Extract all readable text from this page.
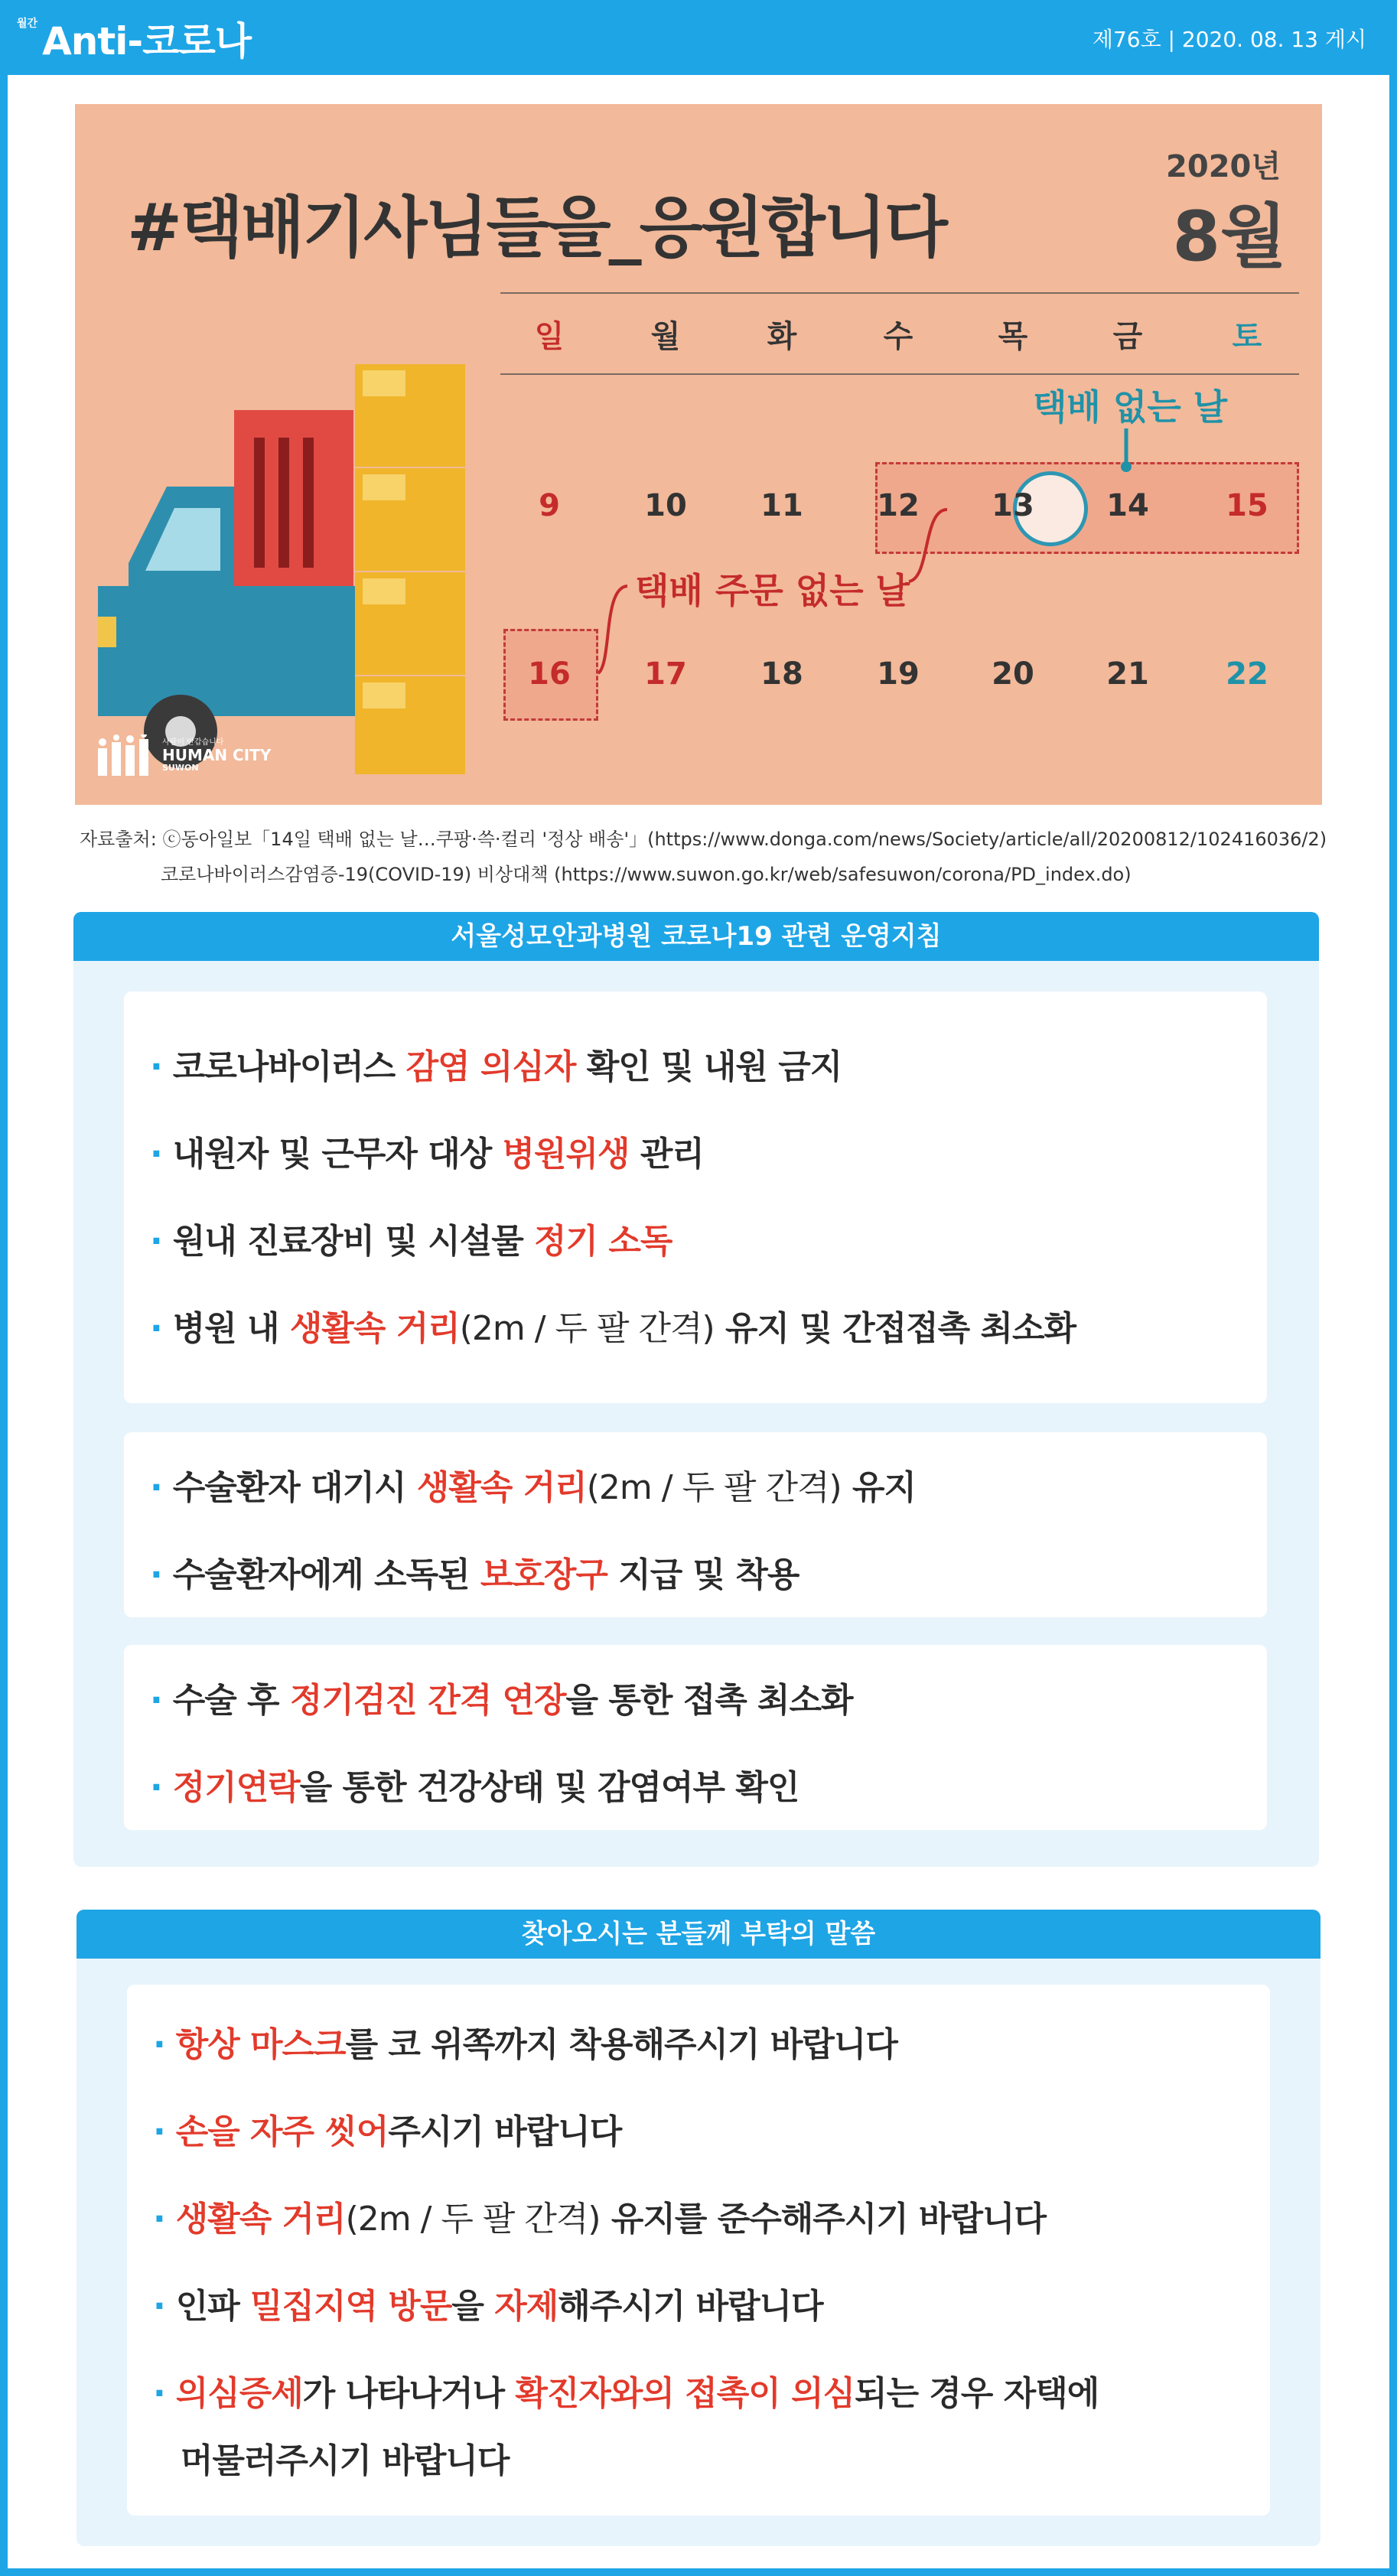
월간 Anti-코로나	제76호 | 2020. 08. 13 게시
#택배기사님들을_응원합니다
2020년
8월
일	월	화	수	목	금	토
9	10	11	12	13	14	15
16	17	18	19	20	21	22
택배 없는 날
택배 주문 없는 날
사람이 반갑습니다
HUMAN CITY
SUWON
자료출처: ⓒ동아일보「14일 택배 없는 날…쿠팡·쓱·컬리 '정상 배송'」(https://www.donga.com/news/Society/article/all/20200812/102416036/2)
코로나바이러스감염증-19(COVID-19) 비상대책 (https://www.suwon.go.kr/web/safesuwon/corona/PD_index.do)
서울성모안과병원 코로나19 관련 운영지침
· 코로나바이러스 감염 의심자 확인 및 내원 금지
· 내원자 및 근무자 대상 병원위생 관리
· 원내 진료장비 및 시설물 정기 소독
· 병원 내 생활속 거리(2m / 두 팔 간격) 유지 및 간접접촉 최소화
· 수술환자 대기시 생활속 거리(2m / 두 팔 간격) 유지
· 수술환자에게 소독된 보호장구 지급 및 착용
· 수술 후 정기검진 간격 연장을 통한 접촉 최소화
· 정기연락을 통한 건강상태 및 감염여부 확인
찾아오시는 분들께 부탁의 말씀
· 항상 마스크를 코 위쪽까지 착용해주시기 바랍니다
· 손을 자주 씻어주시기 바랍니다
· 생활속 거리(2m / 두 팔 간격) 유지를 준수해주시기 바랍니다
· 인파 밀집지역 방문을 자제해주시기 바랍니다
· 의심증세가 나타나거나 확진자와의 접촉이 의심되는 경우 자택에
머물러주시기 바랍니다
